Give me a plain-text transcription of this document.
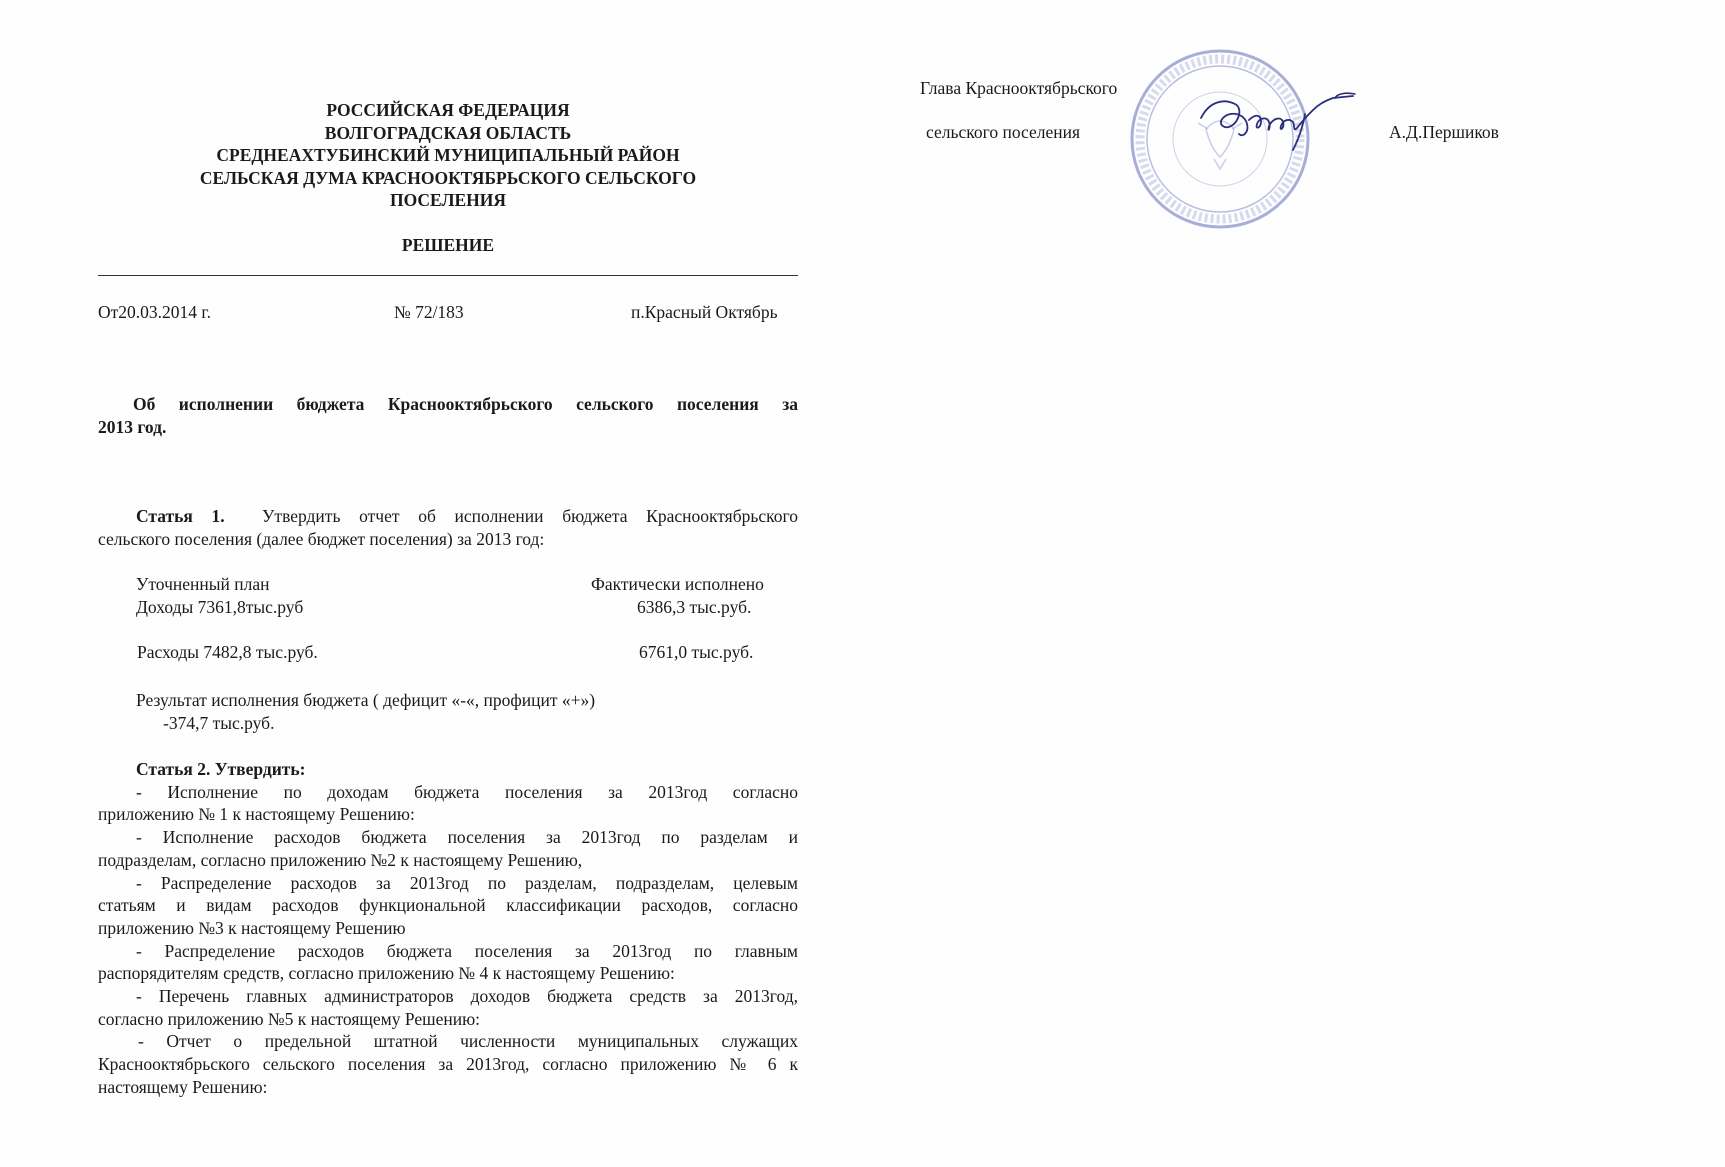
РОССИЙСКАЯ ФЕДЕРАЦИЯ
ВОЛГОГРАДСКАЯ ОБЛАСТЬ
СРЕДНЕАХТУБИНСКИЙ МУНИЦИПАЛЬНЫЙ РАЙОН
СЕЛЬСКАЯ ДУМА КРАСНООКТЯБРЬСКОГО СЕЛЬСКОГО
ПОСЕЛЕНИЯ
РЕШЕНИЕ
От20.03.2014 г.	№ 72/183	п.Красный Октябрь
Об исполнении бюджета Краснооктябрьского сельского поселения за
2013 год.
Статья 1. Утвердить отчет об исполнении бюджета Краснооктябрьского
сельского поселения (далее бюджет поселения) за 2013 год:
Уточненный план	Фактически исполнено
Доходы 7361,8тыс.руб	6386,3 тыс.руб.
Расходы 7482,8 тыс.руб.	6761,0 тыс.руб.
Результат исполнения бюджета ( дефицит «-«, профицит «+»)
-374,7 тыс.руб.
Статья 2. Утвердить:
- Исполнение по доходам бюджета поселения за 2013год согласно
приложению № 1 к настоящему Решению:
- Исполнение расходов бюджета поселения за 2013год по разделам и
подразделам, согласно приложению №2 к настоящему Решению,
- Распределение расходов за 2013год по разделам, подразделам, целевым
статьям и видам расходов функциональной классификации расходов, согласно
приложению №3 к настоящему Решению
- Распределение расходов бюджета поселения за 2013год по главным
распорядителям средств, согласно приложению № 4 к настоящему Решению:
- Перечень главных администраторов доходов бюджета средств за 2013год,
согласно приложению №5 к настоящему Решению:
- Отчет о предельной штатной численности муниципальных служащих
Краснооктябрьского сельского поселения за 2013год, согласно приложению № 6 к
настоящему Решению:
Глава Краснооктябрьского
сельского поселения	А.Д.Першиков
